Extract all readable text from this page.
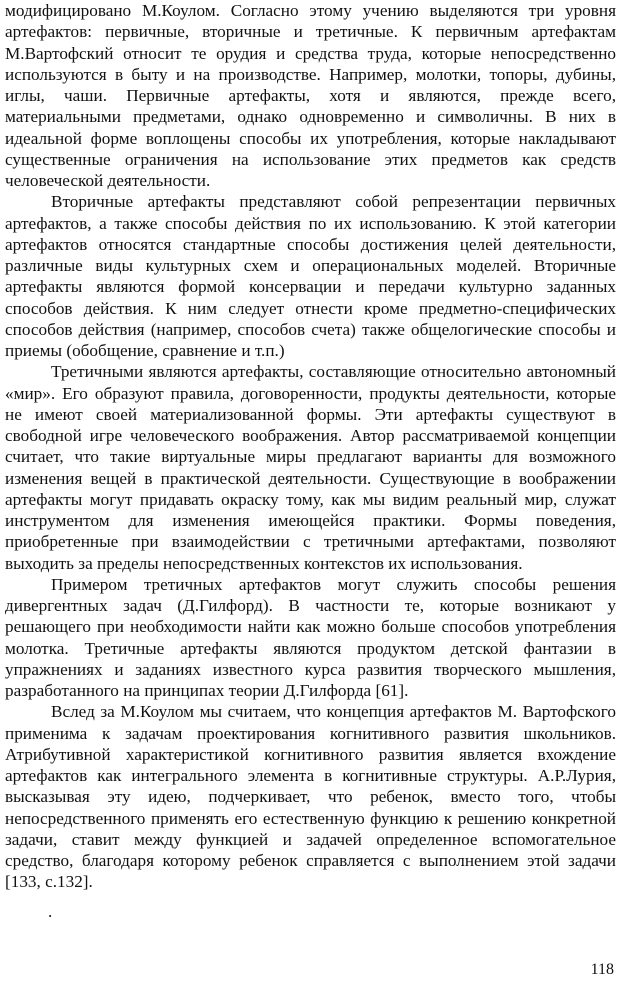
модифицировано М.Коулом. Согласно этому учению выделяются три уровня артефактов: первичные, вторичные и третичные. К первичным артефактам М.Вартофский относит те орудия и средства труда, которые непосредственно используются в быту и на производстве. Например, молотки, топоры, дубины, иглы, чаши. Первичные артефакты, хотя и являются, прежде всего, материальными предметами, однако одновременно и символичны. В них в идеальной форме воплощены способы их употребления, которые накладывают существенные ограничения на использование этих предметов как средств человеческой деятельности.

Вторичные артефакты представляют собой репрезентации первичных артефактов, а также способы действия по их использованию. К этой категории артефактов относятся стандартные способы достижения целей деятельности, различные виды культурных схем и операциональных моделей. Вторичные артефакты являются формой консервации и передачи культурно заданных способов действия. К ним следует отнести кроме предметно-специфических способов действия (например, способов счета) также общелогические способы и приемы (обобщение, сравнение и т.п.)

Третичными являются артефакты, составляющие относительно автономный «мир». Его образуют правила, договоренности, продукты деятельности, которые не имеют своей материализованной формы. Эти артефакты существуют в свободной игре человеческого воображения. Автор рассматриваемой концепции считает, что такие виртуальные миры предлагают варианты для возможного изменения вещей в практической деятельности. Существующие в воображении артефакты могут придавать окраску тому, как мы видим реальный мир, служат инструментом для изменения имеющейся практики. Формы поведения, приобретенные при взаимодействии с третичными артефактами, позволяют выходить за пределы непосредственных контекстов их использования.

Примером третичных артефактов могут служить способы решения дивергентных задач (Д.Гилфорд). В частности те, которые возникают у решающего при необходимости найти как можно больше способов употребления молотка. Третичные артефакты являются продуктом детской фантазии в упражнениях и заданиях известного курса развития творческого мышления, разработанного на принципах теории Д.Гилфорда [61].

Вслед за М.Коулом мы считаем, что концепция артефактов М. Вартофского применима к задачам проектирования когнитивного развития школьников. Атрибутивной характеристикой когнитивного развития является вхождение артефактов как интегрального элемента в когнитивные структуры. А.Р.Лурия, высказывая эту идею, подчеркивает, что ребенок, вместо того, чтобы непосредственного применять его естественную функцию к решению конкретной задачи, ставит между функцией и задачей определенное вспомогательное средство, благодаря которому ребенок справляется с выполнением этой задачи [133, с.132].

.
118
